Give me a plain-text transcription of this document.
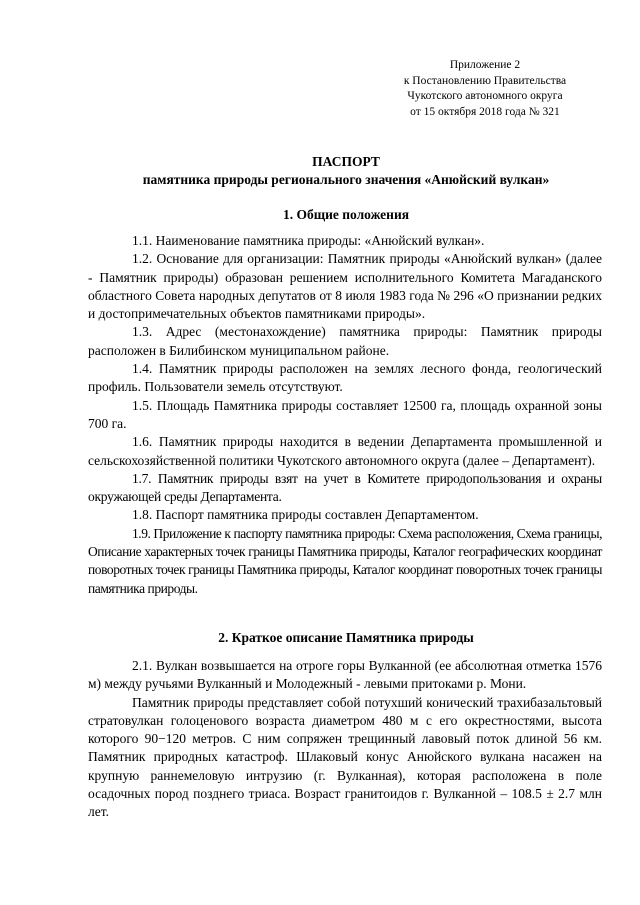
Приложение 2
к Постановлению Правительства
Чукотского автономного округа
от 15 октября 2018 года № 321
ПАСПОРТ
памятника природы регионального значения «Анюйский вулкан»
1. Общие положения

1.1. Наименование памятника природы: «Анюйский вулкан».

1.2. Основание для организации: Памятник природы «Анюйский вулкан» (далее - Памятник природы) образован решением исполнительного Комитета Магаданского областного Совета народных депутатов от 8 июля 1983 года № 296 «О признании редких и достопримечательных объектов памятниками природы».

1.3. Адрес (местонахождение) памятника природы: Памятник природы расположен в Билибинском муниципальном районе.

1.4. Памятник природы расположен на землях лесного фонда, геологический профиль. Пользователи земель отсутствуют.

1.5. Площадь Памятника природы составляет 12500 га, площадь охранной зоны 700 га.

1.6. Памятник природы находится в ведении Департамента промышленной и сельскохозяйственной политики Чукотского автономного округа (далее – Департамент).

1.7. Памятник природы взят на учет в Комитете природопользования и охраны окружающей среды Департамента.

1.8. Паспорт памятника природы составлен Департаментом.

1.9. Приложение к паспорту памятника природы: Схема расположения, Схема границы, Описание характерных точек границы Памятника природы, Каталог географических координат поворотных точек границы Памятника природы, Каталог координат поворотных точек границы памятника природы.

2. Краткое описание Памятника природы

2.1. Вулкан возвышается на отроге горы Вулканной (ее абсолютная отметка 1576 м) между ручьями Вулканный и Молодежный - левыми притоками р. Мони.

Памятник природы представляет собой потухший конический трахибазальтовый стратовулкан голоценового возраста диаметром 480 м с его окрестностями, высота которого 90−120 метров. С ним сопряжен трещинный лавовый поток длиной 56 км. Памятник природных катастроф. Шлаковый конус Анюйского вулкана насажен на крупную раннемеловую интрузию (г. Вулканная), которая расположена в поле осадочных пород позднего триаса. Возраст гранитоидов г. Вулканной – 108.5 ± 2.7 млн лет.
